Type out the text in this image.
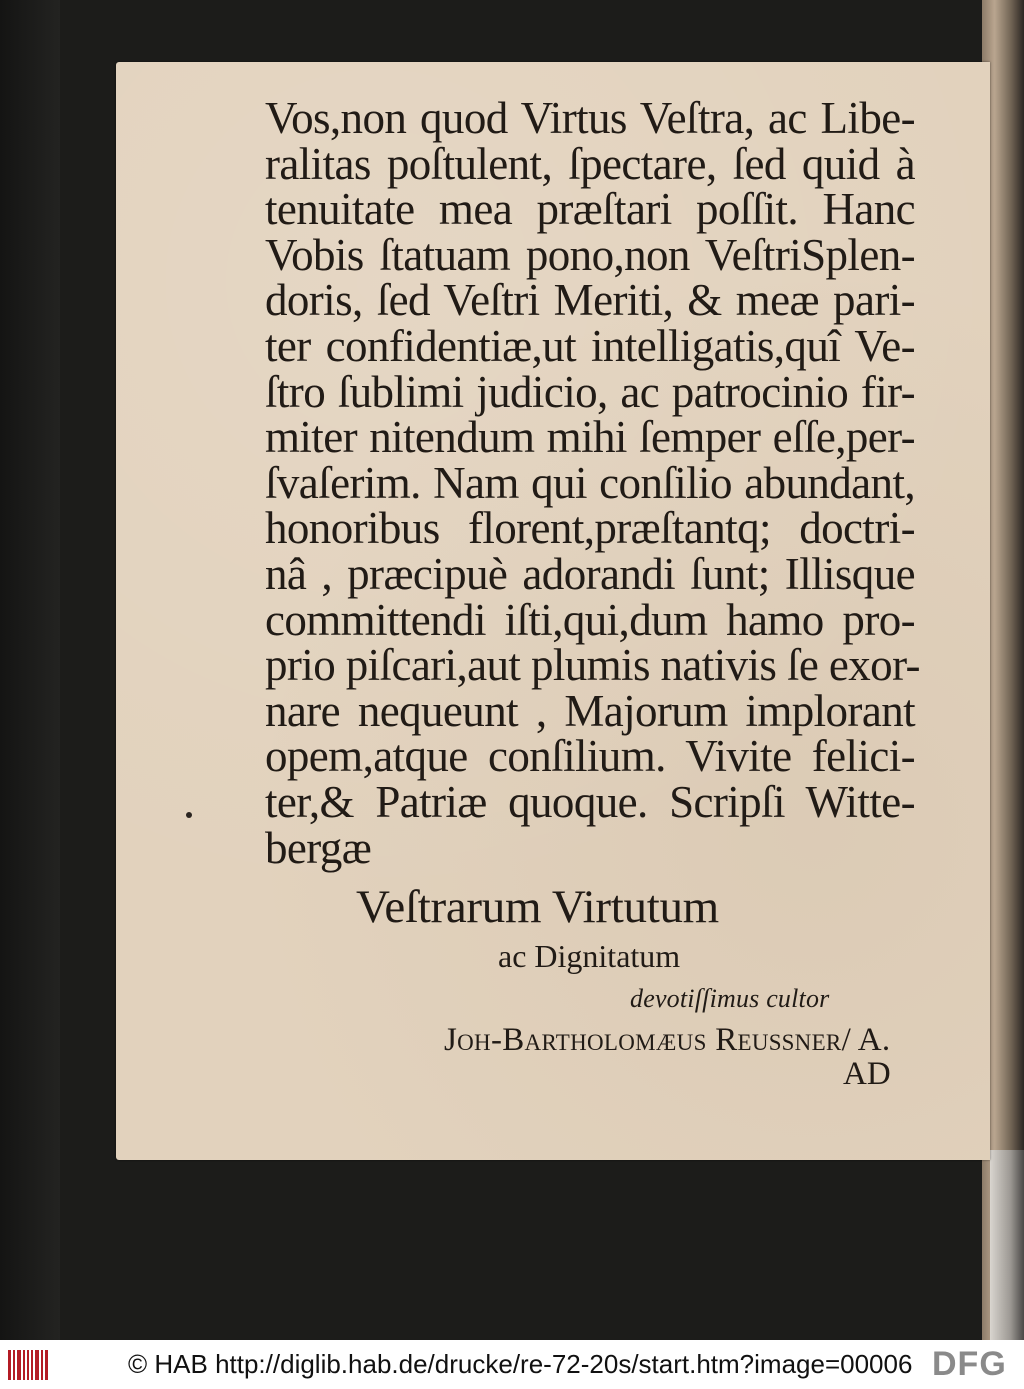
Vos,non quod Virtus Veſtra, ac Libe-
ralitas poſtulent, ſpectare, ſed quid à
tenuitate mea præſtari poſſit. Hanc
Vobis ſtatuam pono,non VeſtriSplen-
doris, ſed Veſtri Meriti, & meæ pari-
ter confidentiæ,ut intelligatis,quî Ve-
ſtro ſublimi judicio, ac patrocinio fir-
miter nitendum mihi ſemper eſſe,per-
ſvaſerim. Nam qui conſilio abundant,
honoribus florent,præſtantq; doctri-
nâ , præcipuè adorandi ſunt; Illisque
committendi iſti,qui,dum hamo pro-
prio piſcari,aut plumis nativis ſe exor-
nare nequeunt , Majorum implorant
opem,atque conſilium. Vivite felici-
ter,& Patriæ quoque. Scripſi Witte-
bergæ
Veſtrarum Virtutum
ac Dignitatum
devotiſſimus cultor
Joh-Bartholomæus Reußner/ A.
AD
© HAB http://diglib.hab.de/drucke/re-72-20s/start.htm?image=00006 DFG
